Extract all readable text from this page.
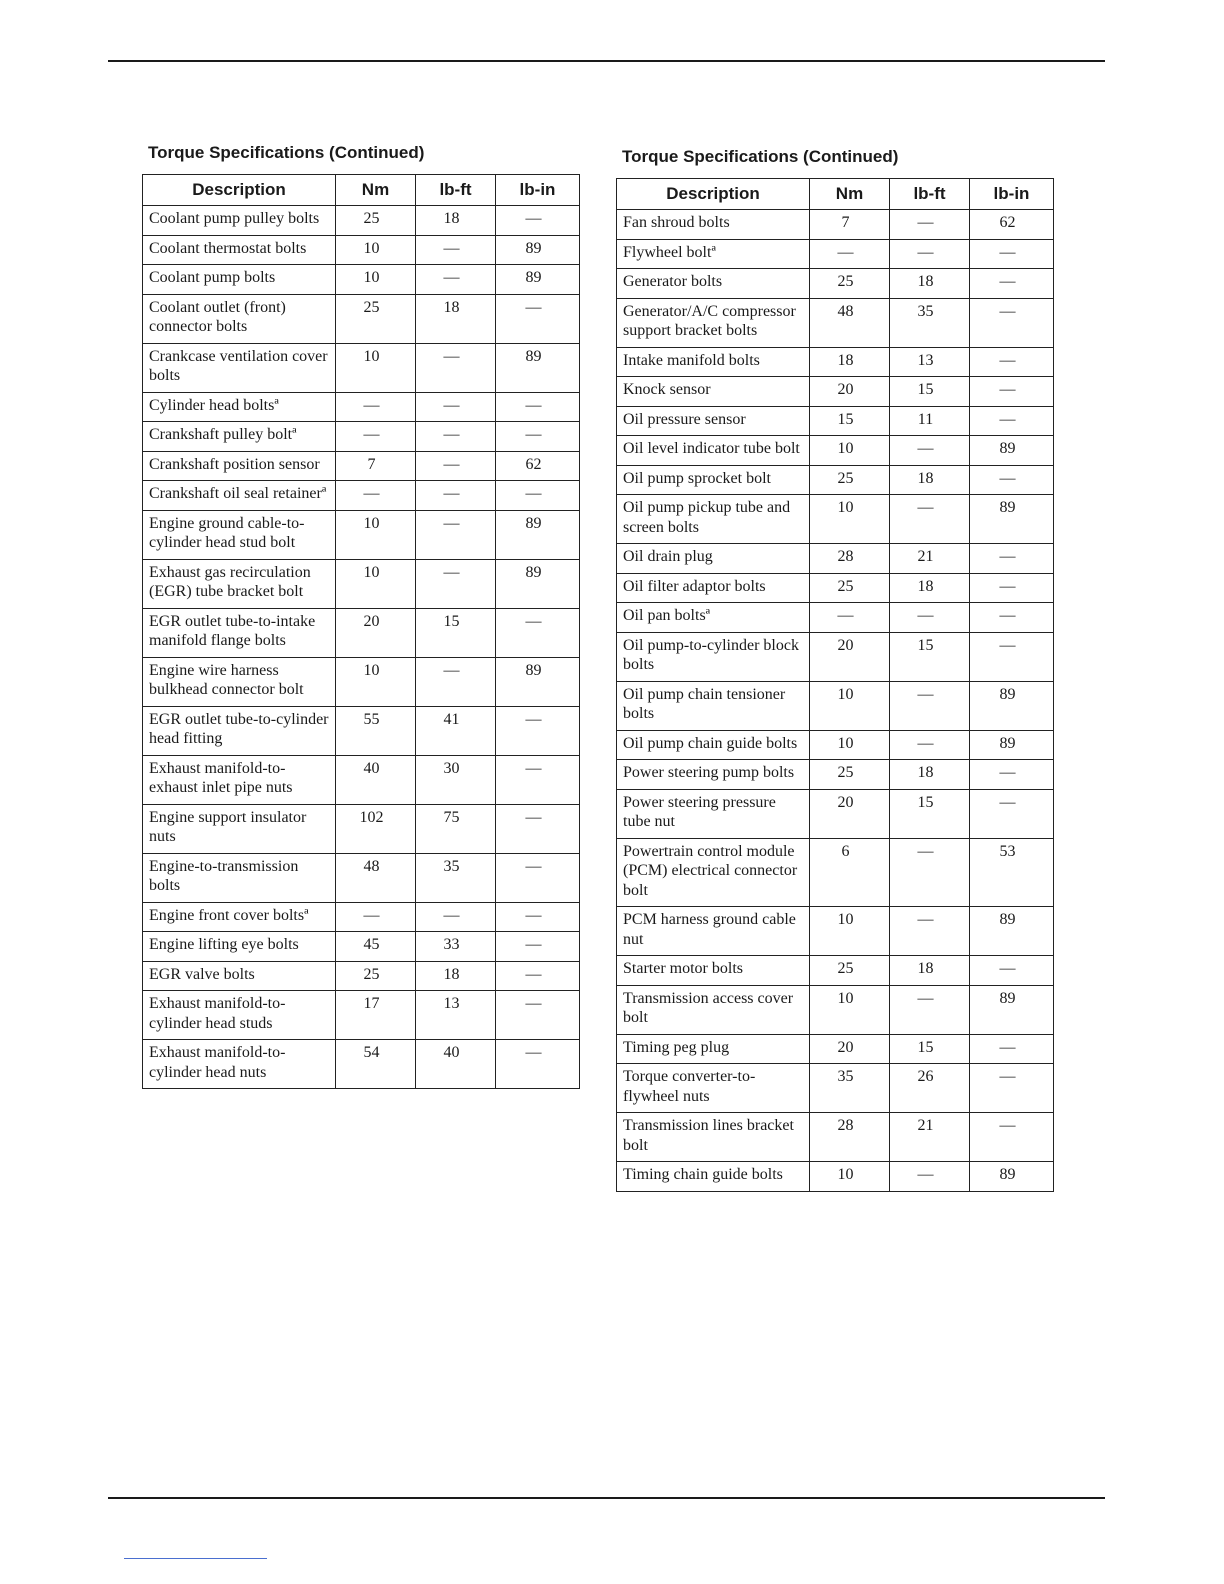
Torque Specifications (Continued)
Description	Nm	lb-ft	lb-in
Coolant pump pulley bolts	25	18	—
Coolant thermostat bolts	10	—	89
Coolant pump bolts	10	—	89
Coolant outlet (front) connector bolts	25	18	—
Crankcase ventilation cover bolts	10	—	89
Cylinder head boltsª	—	—	—
Crankshaft pulley boltª	—	—	—
Crankshaft position sensor	7	—	62
Crankshaft oil seal retainerª	—	—	—
Engine ground cable-to-cylinder head stud bolt	10	—	89
Exhaust gas recirculation (EGR) tube bracket bolt	10	—	89
EGR outlet tube-to-intake manifold flange bolts	20	15	—
Engine wire harness bulkhead connector bolt	10	—	89
EGR outlet tube-to-cylinder head fitting	55	41	—
Exhaust manifold-to-exhaust inlet pipe nuts	40	30	—
Engine support insulator nuts	102	75	—
Engine-to-transmission bolts	48	35	—
Engine front cover boltsª	—	—	—
Engine lifting eye bolts	45	33	—
EGR valve bolts	25	18	—
Exhaust manifold-to-cylinder head studs	17	13	—
Exhaust manifold-to-cylinder head nuts	54	40	—
Torque Specifications (Continued)
Description	Nm	lb-ft	lb-in
Fan shroud bolts	7	—	62
Flywheel boltª	—	—	—
Generator bolts	25	18	—
Generator/A/C compressor support bracket bolts	48	35	—
Intake manifold bolts	18	13	—
Knock sensor	20	15	—
Oil pressure sensor	15	11	—
Oil level indicator tube bolt	10	—	89
Oil pump sprocket bolt	25	18	—
Oil pump pickup tube and screen bolts	10	—	89
Oil drain plug	28	21	—
Oil filter adaptor bolts	25	18	—
Oil pan boltsª	—	—	—
Oil pump-to-cylinder block bolts	20	15	—
Oil pump chain tensioner bolts	10	—	89
Oil pump chain guide bolts	10	—	89
Power steering pump bolts	25	18	—
Power steering pressure tube nut	20	15	—
Powertrain control module (PCM) electrical connector bolt	6	—	53
PCM harness ground cable nut	10	—	89
Starter motor bolts	25	18	—
Transmission access cover bolt	10	—	89
Timing peg plug	20	15	—
Torque converter-to-flywheel nuts	35	26	—
Transmission lines bracket bolt	28	21	—
Timing chain guide bolts	10	—	89
